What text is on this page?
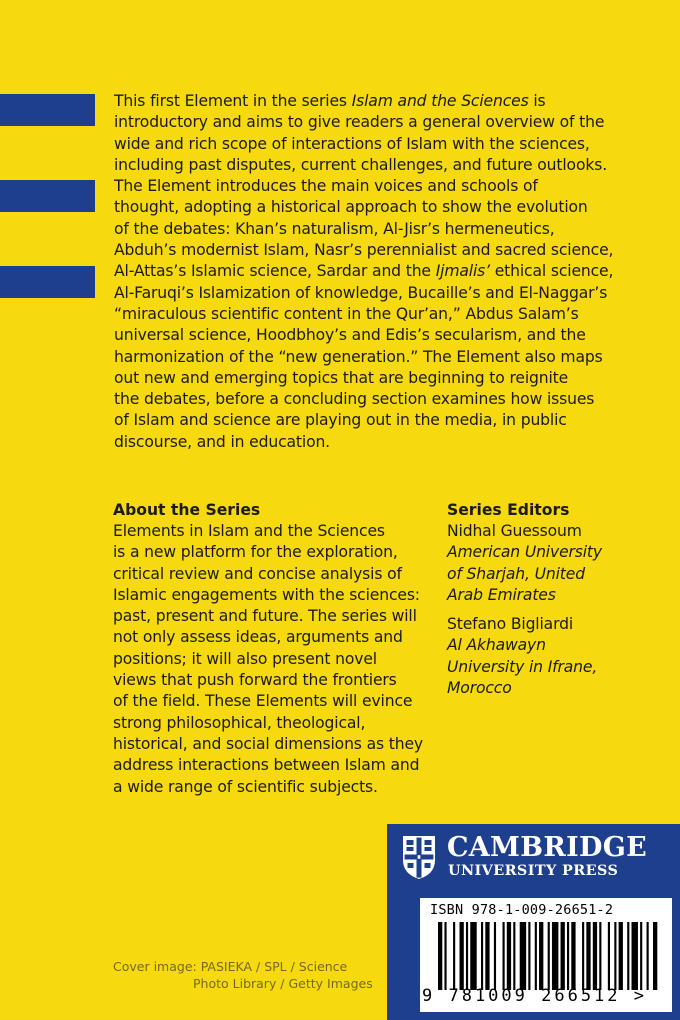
This first Element in the series Islam and the Sciences is
introductory and aims to give readers a general overview of the
wide and rich scope of interactions of Islam with the sciences,
including past disputes, current challenges, and future outlooks.
The Element introduces the main voices and schools of
thought, adopting a historical approach to show the evolution
of the debates: Khan’s naturalism, Al-Jisr’s hermeneutics,
Abduh’s modernist Islam, Nasr’s perennialist and sacred science,
Al-Attas’s Islamic science, Sardar and the Ijmalis’ ethical science,
Al-Faruqi’s Islamization of knowledge, Bucaille’s and El-Naggar’s
“miraculous scientific content in the Qur’an,” Abdus Salam’s
universal science, Hoodbhoy’s and Edis’s secularism, and the
harmonization of the “new generation.” The Element also maps
out new and emerging topics that are beginning to reignite
the debates, before a concluding section examines how issues
of Islam and science are playing out in the media, in public
discourse, and in education.

About the Series
Elements in Islam and the Sciences
is a new platform for the exploration,
critical review and concise analysis of
Islamic engagements with the sciences:
past, present and future. The series will
not only assess ideas, arguments and
positions; it will also present novel
views that push forward the frontiers
of the field. These Elements will evince
strong philosophical, theological,
historical, and social dimensions as they
address interactions between Islam and
a wide range of scientific subjects.
Series Editors
Nidhal Guessoum
American University
of Sharjah, United
Arab Emirates
Stefano Bigliardi
Al Akhawayn
University in Ifrane,
Morocco
Cover image: PASIEKA / SPL / Science
Photo Library / Getty Images
CAMBRIDGE
UNIVERSITY PRESS
ISBN 978-1-009-26651-2
9 781009 266512 >
